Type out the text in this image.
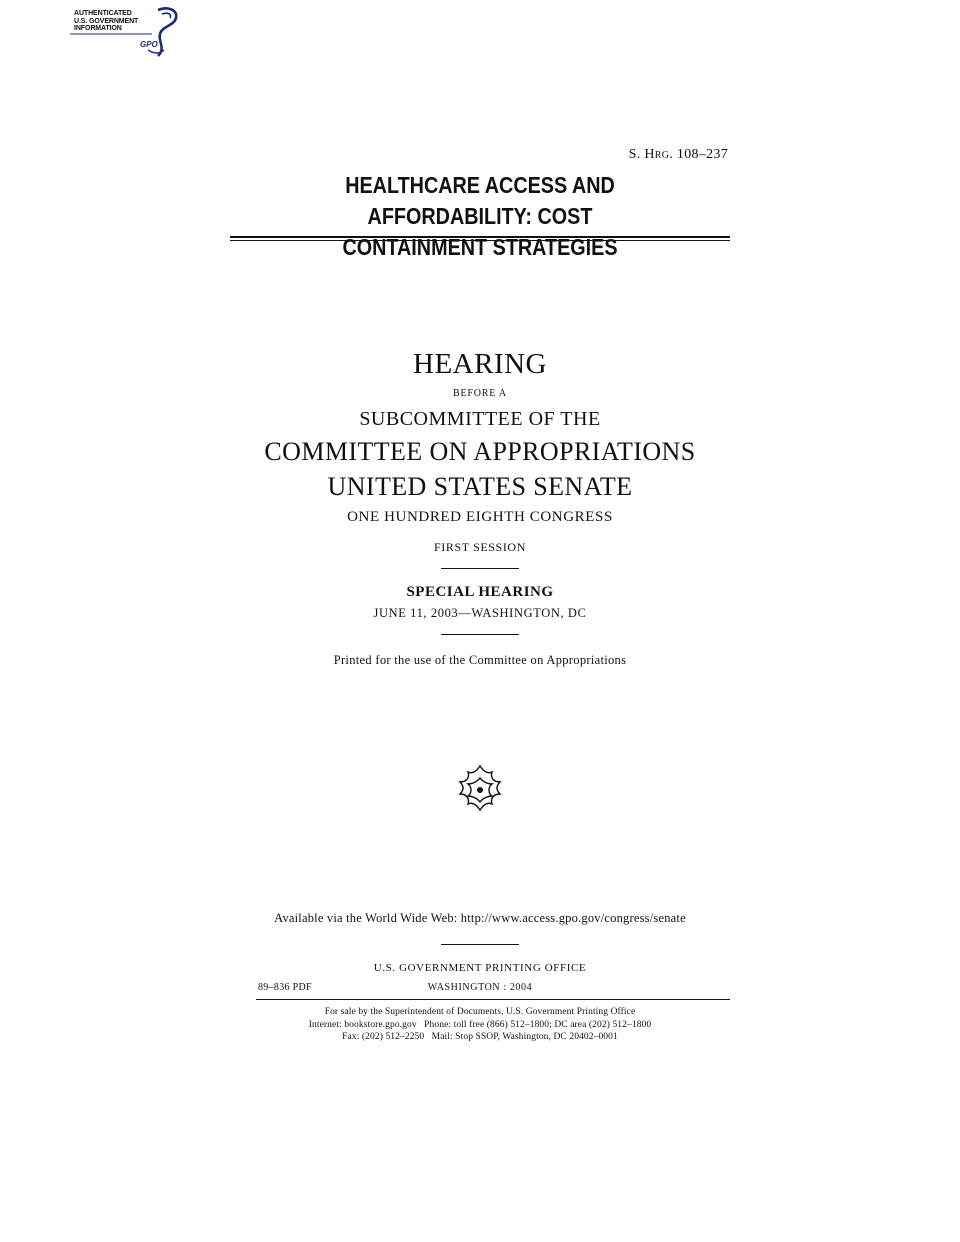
AUTHENTICATED
U.S. GOVERNMENT
INFORMATION
GPO
S. Hrg. 108–237
HEALTHCARE ACCESS AND AFFORDABILITY: COST
CONTAINMENT STRATEGIES
HEARING
BEFORE A
SUBCOMMITTEE OF THE
COMMITTEE ON APPROPRIATIONS
UNITED STATES SENATE
ONE HUNDRED EIGHTH CONGRESS
FIRST SESSION
SPECIAL HEARING
JUNE 11, 2003—WASHINGTON, DC
Printed for the use of the Committee on Appropriations
Available via the World Wide Web: http://www.access.gpo.gov/congress/senate
U.S. GOVERNMENT PRINTING OFFICE
89–836 PDF	WASHINGTON : 2004
For sale by the Superintendent of Documents, U.S. Government Printing Office
Internet: bookstore.gpo.gov   Phone: toll free (866) 512–1800; DC area (202) 512–1800
Fax: (202) 512–2250   Mail: Stop SSOP, Washington, DC 20402–0001
